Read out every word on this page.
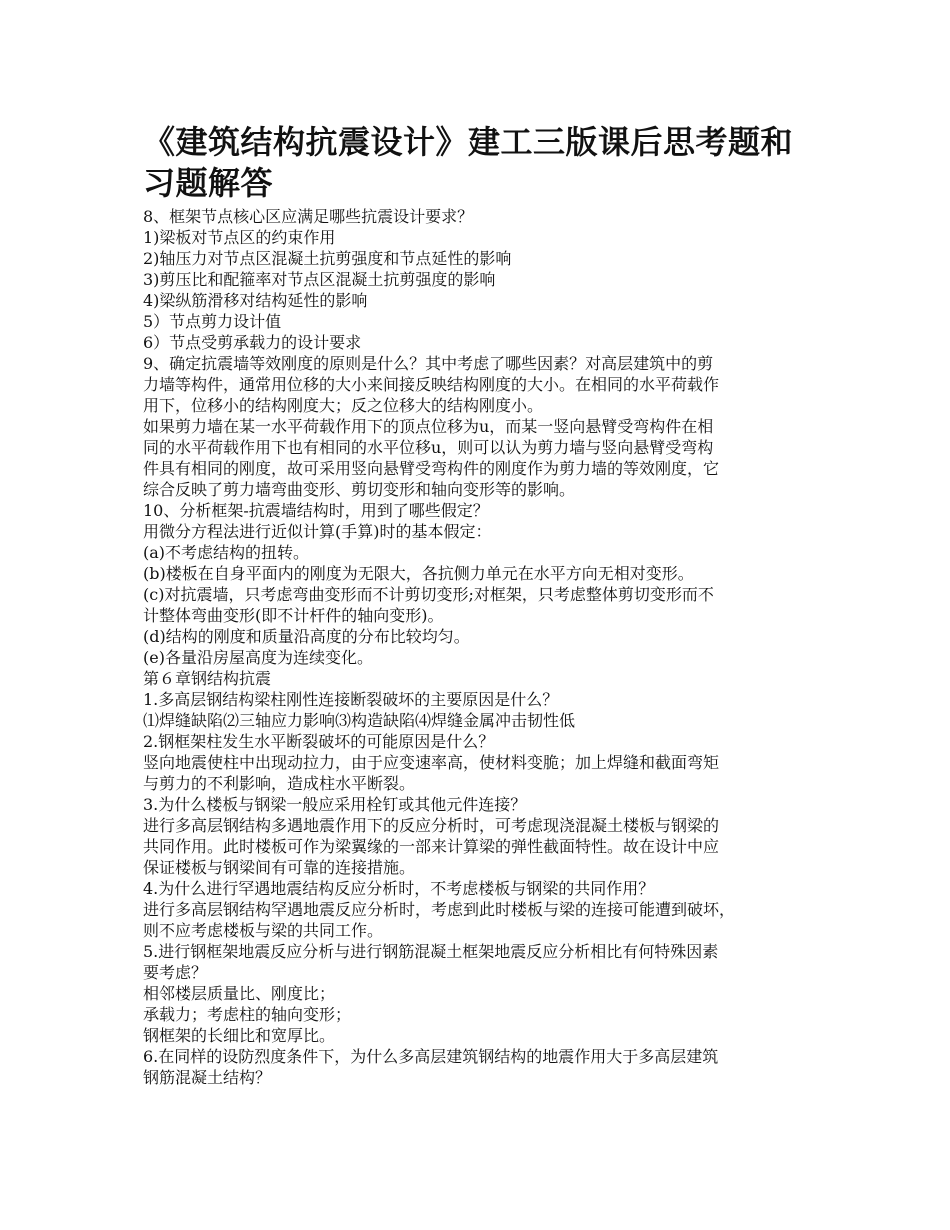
《建筑结构抗震设计》建工三版课后思考题和
习题解答
8、框架节点核心区应满足哪些抗震设计要求？
1)梁板对节点区的约束作用
2)轴压力对节点区混凝土抗剪强度和节点延性的影响
3)剪压比和配箍率对节点区混凝土抗剪强度的影响
4)梁纵筋滑移对结构延性的影响
5）节点剪力设计值
6）节点受剪承载力的设计要求
9、确定抗震墙等效刚度的原则是什么？其中考虑了哪些因素？对高层建筑中的剪
力墙等构件，通常用位移的大小来间接反映结构刚度的大小。在相同的水平荷载作
用下，位移小的结构刚度大；反之位移大的结构刚度小。
如果剪力墙在某一水平荷载作用下的顶点位移为u，而某一竖向悬臂受弯构件在相
同的水平荷载作用下也有相同的水平位移u，则可以认为剪力墙与竖向悬臂受弯构
件具有相同的刚度，故可采用竖向悬臂受弯构件的刚度作为剪力墙的等效刚度，它
综合反映了剪力墙弯曲变形、剪切变形和轴向变形等的影响。
10、分析框架-抗震墙结构时，用到了哪些假定？
用微分方程法进行近似计算(手算)时的基本假定：
(a)不考虑结构的扭转。
(b)楼板在自身平面内的刚度为无限大，各抗侧力单元在水平方向无相对变形。
(c)对抗震墙，只考虑弯曲变形而不计剪切变形;对框架，只考虑整体剪切变形而不
计整体弯曲变形(即不计杆件的轴向变形)。
(d)结构的刚度和质量沿高度的分布比较均匀。
(e)各量沿房屋高度为连续变化。
第６章钢结构抗震
1.多高层钢结构梁柱刚性连接断裂破坏的主要原因是什么？
⑴焊缝缺陷⑵三轴应力影响⑶构造缺陷⑷焊缝金属冲击韧性低
2.钢框架柱发生水平断裂破坏的可能原因是什么？
竖向地震使柱中出现动拉力，由于应变速率高，使材料变脆；加上焊缝和截面弯矩
与剪力的不利影响，造成柱水平断裂。
3.为什么楼板与钢梁一般应采用栓钉或其他元件连接？
进行多高层钢结构多遇地震作用下的反应分析时，可考虑现浇混凝土楼板与钢梁的
共同作用。此时楼板可作为梁翼缘的一部来计算梁的弹性截面特性。故在设计中应
保证楼板与钢梁间有可靠的连接措施。
4.为什么进行罕遇地震结构反应分析时，不考虑楼板与钢梁的共同作用？
进行多高层钢结构罕遇地震反应分析时，考虑到此时楼板与梁的连接可能遭到破坏，
则不应考虑楼板与梁的共同工作。
5.进行钢框架地震反应分析与进行钢筋混凝土框架地震反应分析相比有何特殊因素
要考虑？
相邻楼层质量比、刚度比；
承载力；考虑柱的轴向变形；
钢框架的长细比和宽厚比。
6.在同样的设防烈度条件下，为什么多高层建筑钢结构的地震作用大于多高层建筑
钢筋混凝土结构？
